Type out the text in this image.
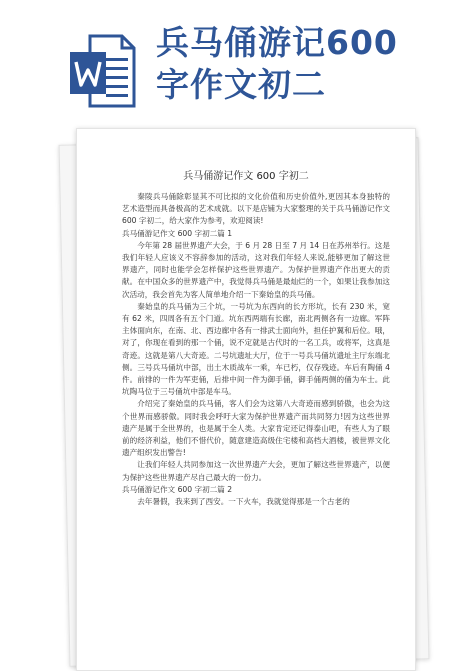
兵马俑游记600
字作文初二
兵马俑游记作文 600 字初二

秦陵兵马俑除彰显其不可比拟的文化价值和历史价值外,更因其本身独特的艺术造型而具备极高的艺术成就。以下是店铺为大家整理的关于兵马俑游记作文 600 字初二，给大家作为参考，欢迎阅读!

兵马俑游记作文 600 字初二篇 1

今年第 28 届世界遗产大会，于 6 月 28 日至 7 月 14 日在苏州举行。这是我们年轻人应该义不容辞参加的活动，这对我们年轻人来说,能够更加了解这世界遗产，同时也能学会怎样保护这些世界遗产。为保护世界遗产作出更大的贡献。在中国众多的世界遗产中，我觉得兵马俑是最灿烂的一个，如果让我参加这次活动，我会首先为客人简单地介绍一下秦始皇的兵马俑。

秦始皇的兵马俑为三个坑，一号坑为东西向的长方形坑，长有 230 米，宽有 62 米，四周各有五个门道。坑东西两端有长廊，南北两侧各有一边廊。军阵主体面向东，在南、北、西边廊中各有一排武士面向外，担任护翼和后位。哦，对了，你现在看到的那一个俑，说不定就是古代时的一名工兵，或将军，这真是奇迹。这就是第八大奇迹。二号坑遗址大厅，位于一号兵马俑坑遗址主厅东端北侧。三号兵马俑坑中部，出土木质战车一乘，车已朽，仅存残迹。车后有陶俑 4 件。前排的一件为军吏俑，后排中间一件为御手俑，御手俑两侧的俑为车士。此坑陶马位于三号俑坑中部是车马。

介绍完了秦始皇的兵马俑，客人们会为这第八大奇迹而感到骄傲，也会为这个世界而感骄傲。同时我会呼吁大家为保护世界遗产而共同努力!因为这些世界遗产是属于全世界的，也是属于全人类。大家肯定还记得泰山吧，有些人为了眼前的经济利益，他们不惜代价，随意建造高级住宅楼和高档大酒楼，被世界文化遗产组织发出警告!

让我们年轻人共同参加这一次世界遗产大会，更加了解这些世界遗产，以便为保护这些世界遗产尽自己最大的一份力。

兵马俑游记作文 600 字初二篇 2

去年暑假，我来到了西安。一下火车，我就觉得那是一个古老的
